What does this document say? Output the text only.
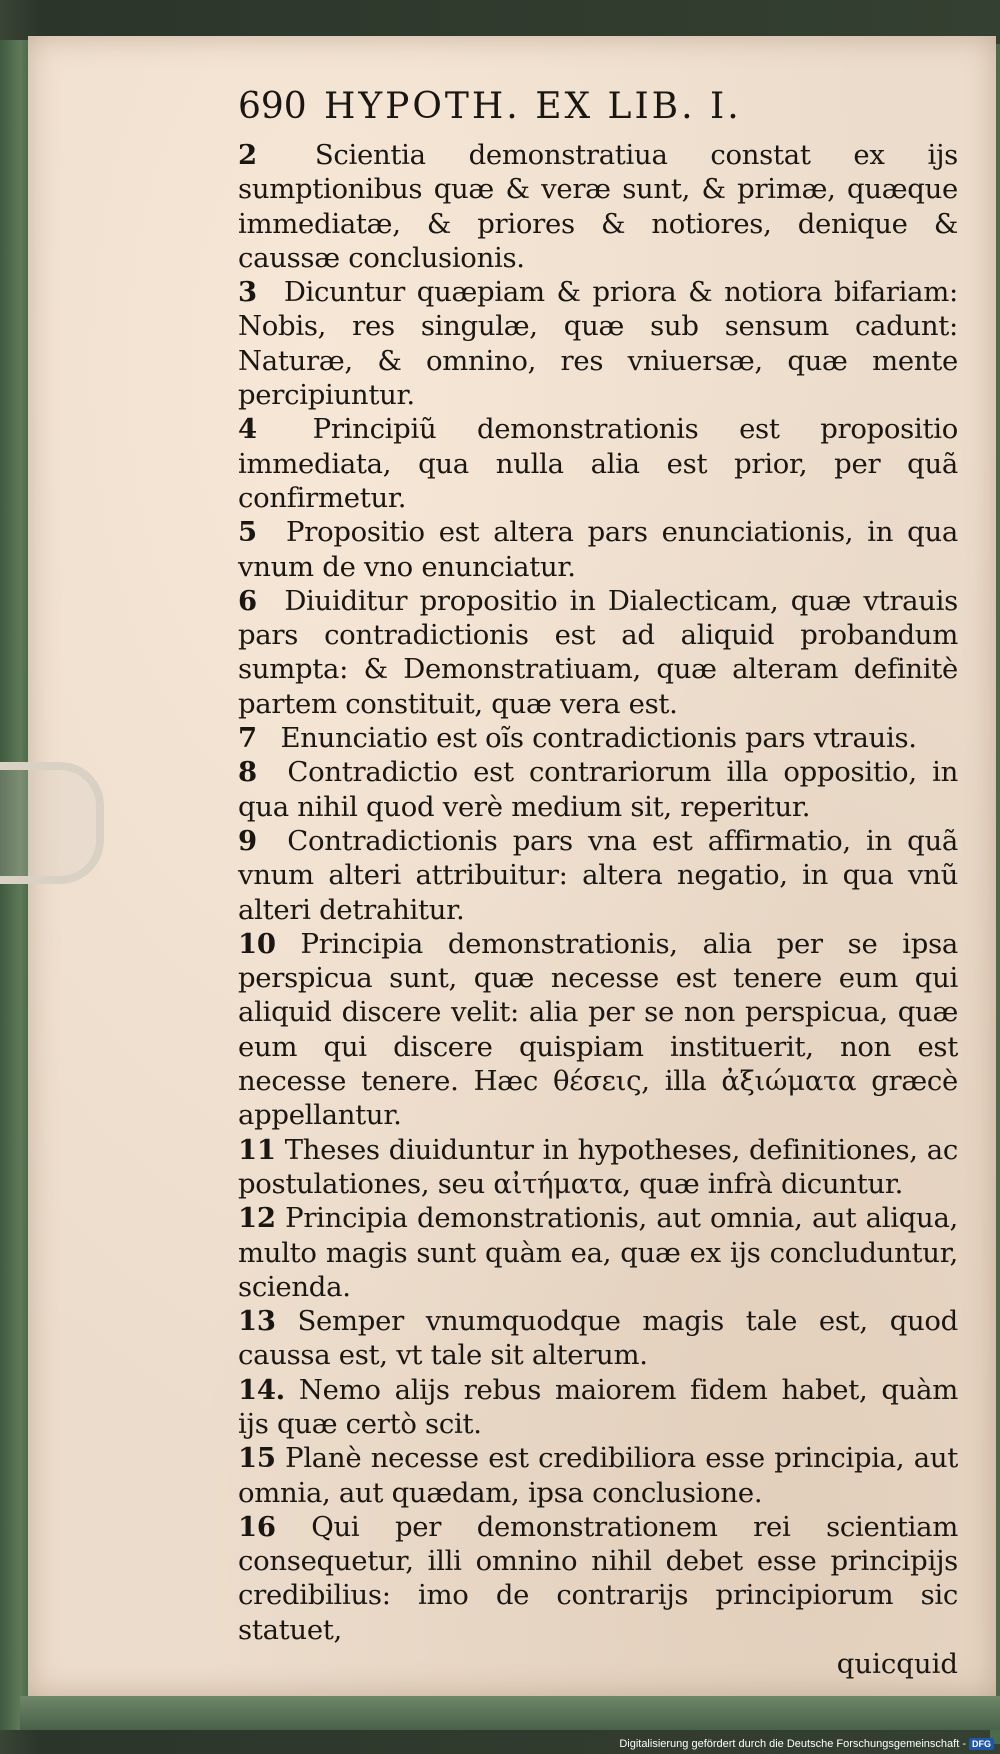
690 HYPOTH. EX LIB. I.

2 Scientia demonstratiua constat ex ijs sumptionibus quæ & veræ sunt, & primæ, quæque immediatæ, & priores & notiores, denique & caussæ conclusionis.

3 Dicuntur quæpiam & priora & notiora bifariam: Nobis, res singulæ, quæ sub sensum cadunt: Naturæ, & omnino, res vniuersæ, quæ mente percipiuntur.

4 Principiũ demonstrationis est propositio immediata, qua nulla alia est prior, per quã confirmetur.

5 Propositio est altera pars enunciationis, in qua vnum de vno enunciatur.

6 Diuiditur propositio in Dialecticam, quæ vtrauis pars contradictionis est ad aliquid probandum sumpta: & Demonstratiuam, quæ alteram definitè partem constituit, quæ vera est.

7 Enunciatio est oĩs contradictionis pars vtrauis.

8 Contradictio est contrariorum illa oppositio, in qua nihil quod verè medium sit, reperitur.

9 Contradictionis pars vna est affirmatio, in quã vnum alteri attribuitur: altera negatio, in qua vnũ alteri detrahitur.

10 Principia demonstrationis, alia per se ipsa perspicua sunt, quæ necesse est tenere eum qui aliquid discere velit: alia per se non perspicua, quæ eum qui discere quispiam instituerit, non est necesse tenere. Hæc θέσεις, illa ἀξιώματα græcè appellantur.

11 Theses diuiduntur in hypotheses, definitiones, ac postulationes, seu αἰτήματα, quæ infrà dicuntur.

12 Principia demonstrationis, aut omnia, aut aliqua, multo magis sunt quàm ea, quæ ex ijs concluduntur, scienda.

13 Semper vnumquodque magis tale est, quod caussa est, vt tale sit alterum.

14. Nemo alijs rebus maiorem fidem habet, quàm ijs quæ certò scit.

15 Planè necesse est credibiliora esse principia, aut omnia, aut quædam, ipsa conclusione.

16 Qui per demonstrationem rei scientiam consequetur, illi omnino nihil debet esse principijs credibilius: imo de contrarijs principiorum sic statuet,

quicquid
Digitalisierung gefördert durch die Deutsche Forschungsgemeinschaft - DFG
